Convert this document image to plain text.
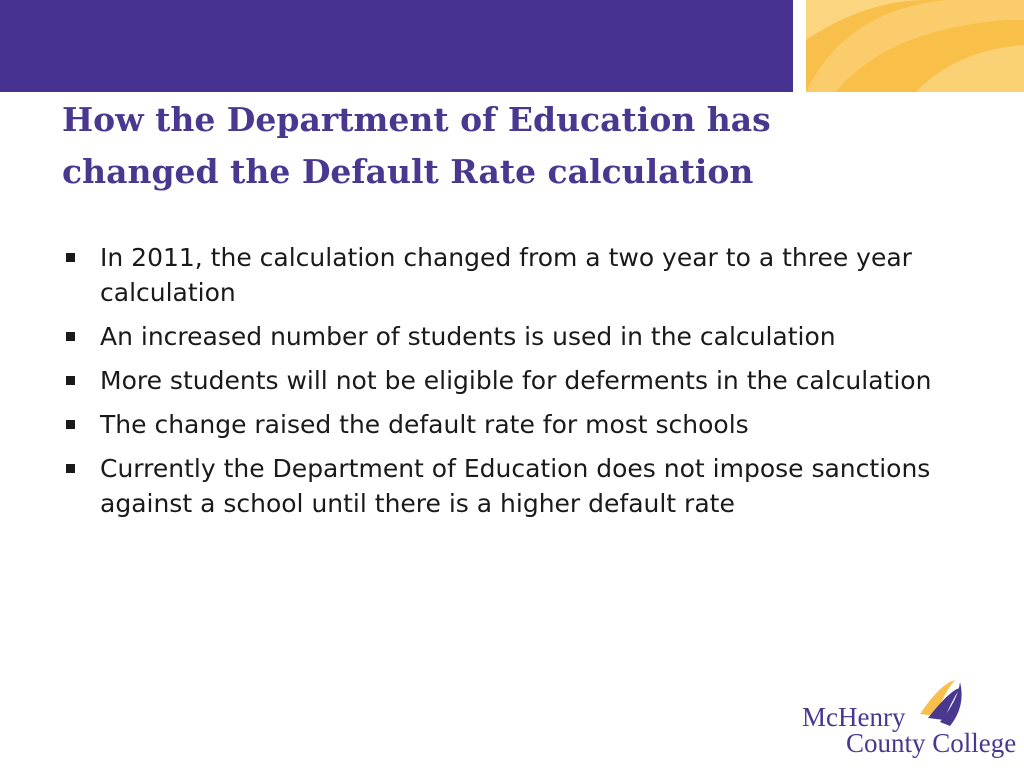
How the Department of Education has
changed the Default Rate calculation
In 2011, the calculation changed from a two year to a three year calculation
An increased number of students is used in the calculation
More students will not be eligible for deferments in the calculation
The change raised the default rate for most schools
Currently the Department of Education does not impose sanctions against a school until there is a higher default rate
McHenry
County College
